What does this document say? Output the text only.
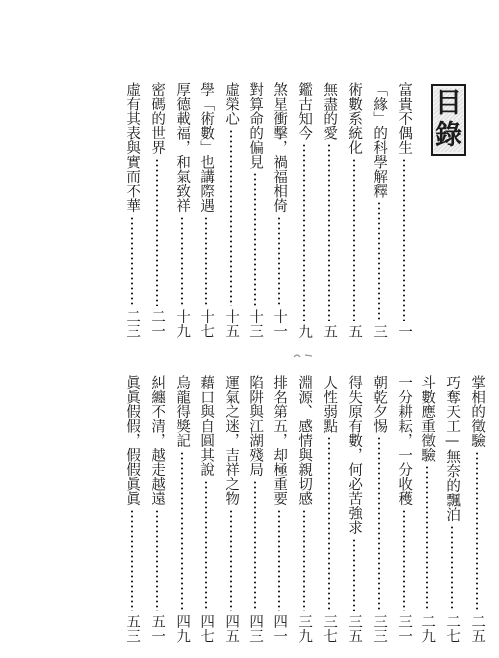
目
錄
富貴不偶生
一
「緣」的科學解釋
三
術數系統化
五
無盡的愛
五
鑑古知今
九
煞星衝擊，禍福相倚
十一
對算命的偏見
十三
虛榮心
十五
學「術數」也講際遇
十七
厚德載福，和氣致祥
十九
密碼的世界
二一
虛有其表與實而不華
二三
掌相的徵驗
二五
巧奪天工—無奈的飄泊
二七
斗數應重徵驗
二九
一分耕耘，一分收穫
三一
朝乾夕惕
三三
得失原有數，何必苦強求
三五
人性弱點
三七
淵源、感情與親切感
三九
排名第五，却極重要
四一
陷阱與江湖殘局
四三
運氣之迷，吉祥之物
四五
藉口與自圓其說
四七
烏龍得獎記
四九
糾纏不清，越走越遠
五一
眞眞假假，假假眞眞
五三
